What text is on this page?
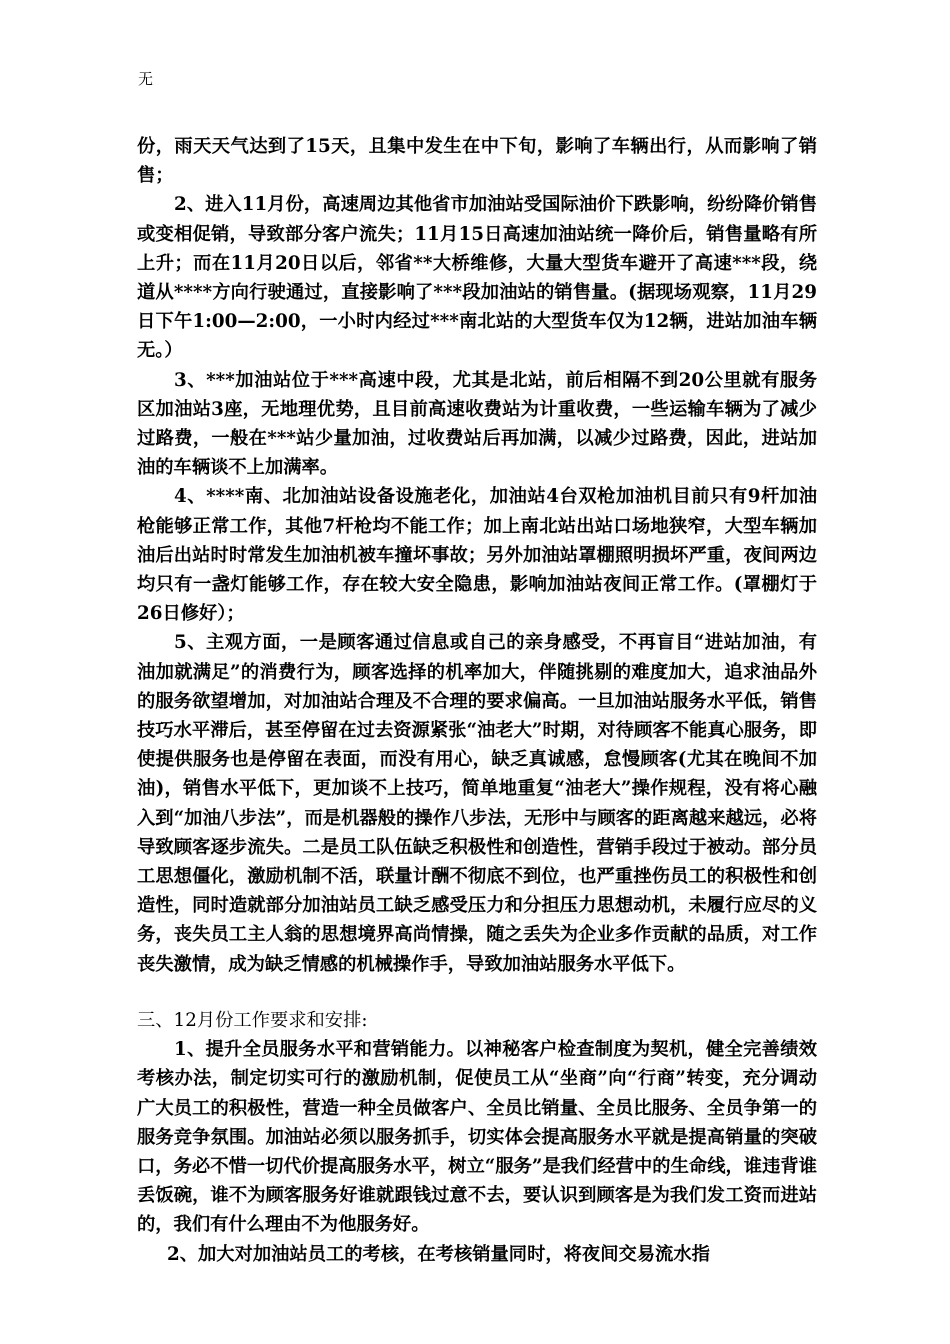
无

份，雨天天气达到了15天，且集中发生在中下旬，影响了车辆出行，从而影响了销售；

2、进入11月份，高速周边其他省市加油站受国际油价下跌影响，纷纷降价销售或变相促销，导致部分客户流失；11月15日高速加油站统一降价后，销售量略有所上升；而在11月20日以后，邻省**大桥维修，大量大型货车避开了高速***段，绕道从****方向行驶通过，直接影响了***段加油站的销售量。(据现场观察，11月29日下午1:00—2:00，一小时内经过***南北站的大型货车仅为12辆，进站加油车辆无。）

3、***加油站位于***高速中段，尤其是北站，前后相隔不到20公里就有服务区加油站3座，无地理优势，且目前高速收费站为计重收费，一些运输车辆为了减少过路费，一般在***站少量加油，过收费站后再加满，以减少过路费，因此，进站加油的车辆谈不上加满率。

4、****南、北加油站设备设施老化，加油站4台双枪加油机目前只有9杆加油枪能够正常工作，其他7杆枪均不能工作；加上南北站出站口场地狭窄，大型车辆加油后出站时时常发生加油机被车撞坏事故；另外加油站罩棚照明损坏严重，夜间两边均只有一盏灯能够工作，存在较大安全隐患，影响加油站夜间正常工作。(罩棚灯于26日修好）；

5、主观方面，一是顾客通过信息或自己的亲身感受，不再盲目“进站加油，有油加就满足”的消费行为，顾客选择的机率加大，伴随挑剔的难度加大，追求油品外的服务欲望增加，对加油站合理及不合理的要求偏高。一旦加油站服务水平低，销售技巧水平滞后，甚至停留在过去资源紧张“油老大”时期，对待顾客不能真心服务，即使提供服务也是停留在表面，而没有用心，缺乏真诚感，怠慢顾客(尤其在晚间不加油)，销售水平低下，更加谈不上技巧，简单地重复“油老大”操作规程，没有将心融入到“加油八步法”，而是机器般的操作八步法，无形中与顾客的距离越来越远，必将导致顾客逐步流失。二是员工队伍缺乏积极性和创造性，营销手段过于被动。部分员工思想僵化，激励机制不活，联量计酬不彻底不到位，也严重挫伤员工的积极性和创造性，同时造就部分加油站员工缺乏感受压力和分担压力思想动机，未履行应尽的义务，丧失员工主人翁的思想境界高尚情操，随之丢失为企业多作贡献的品质，对工作丧失激情，成为缺乏情感的机械操作手，导致加油站服务水平低下。

三、12月份工作要求和安排:

1、提升全员服务水平和营销能力。以神秘客户检查制度为契机，健全完善绩效考核办法，制定切实可行的激励机制，促使员工从“坐商”向“行商”转变，充分调动广大员工的积极性，营造一种全员做客户、全员比销量、全员比服务、全员争第一的服务竞争氛围。加油站必须以服务抓手，切实体会提高服务水平就是提高销量的突破口，务必不惜一切代价提高服务水平，树立“服务”是我们经营中的生命线，谁违背谁丢饭碗，谁不为顾客服务好谁就跟钱过意不去，要认识到顾客是为我们发工资而进站的，我们有什么理由不为他服务好。

2、加大对加油站员工的考核，在考核销量同时，将夜间交易流水指
